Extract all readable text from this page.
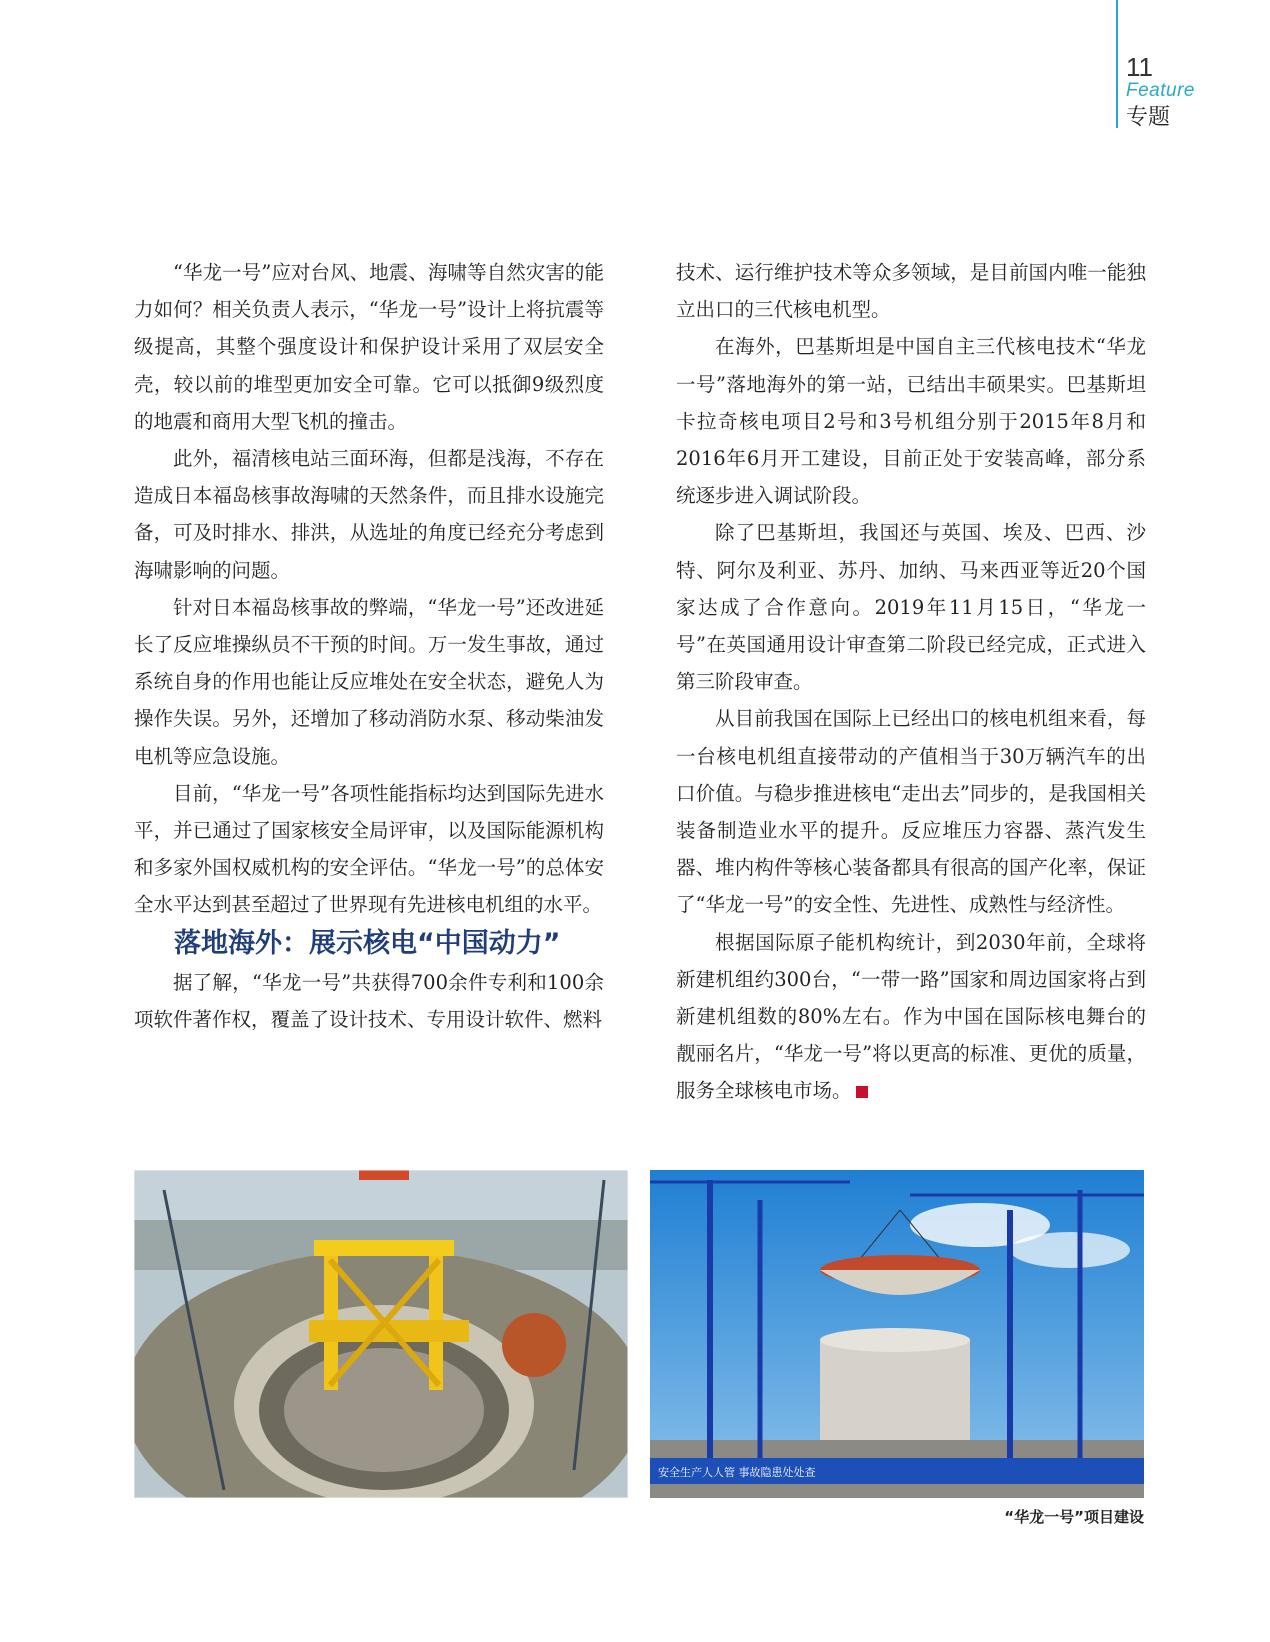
11
Feature
专题

“华龙一号”应对台风、地震、海啸等自然灾害的能力如何？相关负责人表示，“华龙一号”设计上将抗震等级提高，其整个强度设计和保护设计采用了双层安全壳，较以前的堆型更加安全可靠。它可以抵御9级烈度的地震和商用大型飞机的撞击。

此外，福清核电站三面环海，但都是浅海，不存在造成日本福岛核事故海啸的天然条件，而且排水设施完备，可及时排水、排洪，从选址的角度已经充分考虑到海啸影响的问题。

针对日本福岛核事故的弊端，“华龙一号”还改进延长了反应堆操纵员不干预的时间。万一发生事故，通过系统自身的作用也能让反应堆处在安全状态，避免人为操作失误。另外，还增加了移动消防水泵、移动柴油发电机等应急设施。

目前，“华龙一号”各项性能指标均达到国际先进水平，并已通过了国家核安全局评审，以及国际能源机构和多家外国权威机构的安全评估。“华龙一号”的总体安全水平达到甚至超过了世界现有先进核电机组的水平。

落地海外：展示核电“中国动力”

据了解，“华龙一号”共获得700余件专利和100余项软件著作权，覆盖了设计技术、专用设计软件、燃料

技术、运行维护技术等众多领域，是目前国内唯一能独立出口的三代核电机型。

在海外，巴基斯坦是中国自主三代核电技术“华龙一号”落地海外的第一站，已结出丰硕果实。巴基斯坦卡拉奇核电项目2号和3号机组分别于2015年8月和2016年6月开工建设，目前正处于安装高峰，部分系统逐步进入调试阶段。

除了巴基斯坦，我国还与英国、埃及、巴西、沙特、阿尔及利亚、苏丹、加纳、马来西亚等近20个国家达成了合作意向。2019年11月15日，“华龙一号”在英国通用设计审查第二阶段已经完成，正式进入第三阶段审查。

从目前我国在国际上已经出口的核电机组来看，每一台核电机组直接带动的产值相当于30万辆汽车的出口价值。与稳步推进核电“走出去”同步的，是我国相关装备制造业水平的提升。反应堆压力容器、蒸汽发生器、堆内构件等核心装备都具有很高的国产化率，保证了“华龙一号”的安全性、先进性、成熟性与经济性。

根据国际原子能机构统计，到2030年前，全球将新建机组约300台，“一带一路”国家和周边国家将占到新建机组数的80%左右。作为中国在国际核电舞台的靓丽名片，“华龙一号”将以更高的标准、更优的质量，服务全球核电市场。	S

安全生产人人管 事故隐患处处查
“华龙一号”项目建设
